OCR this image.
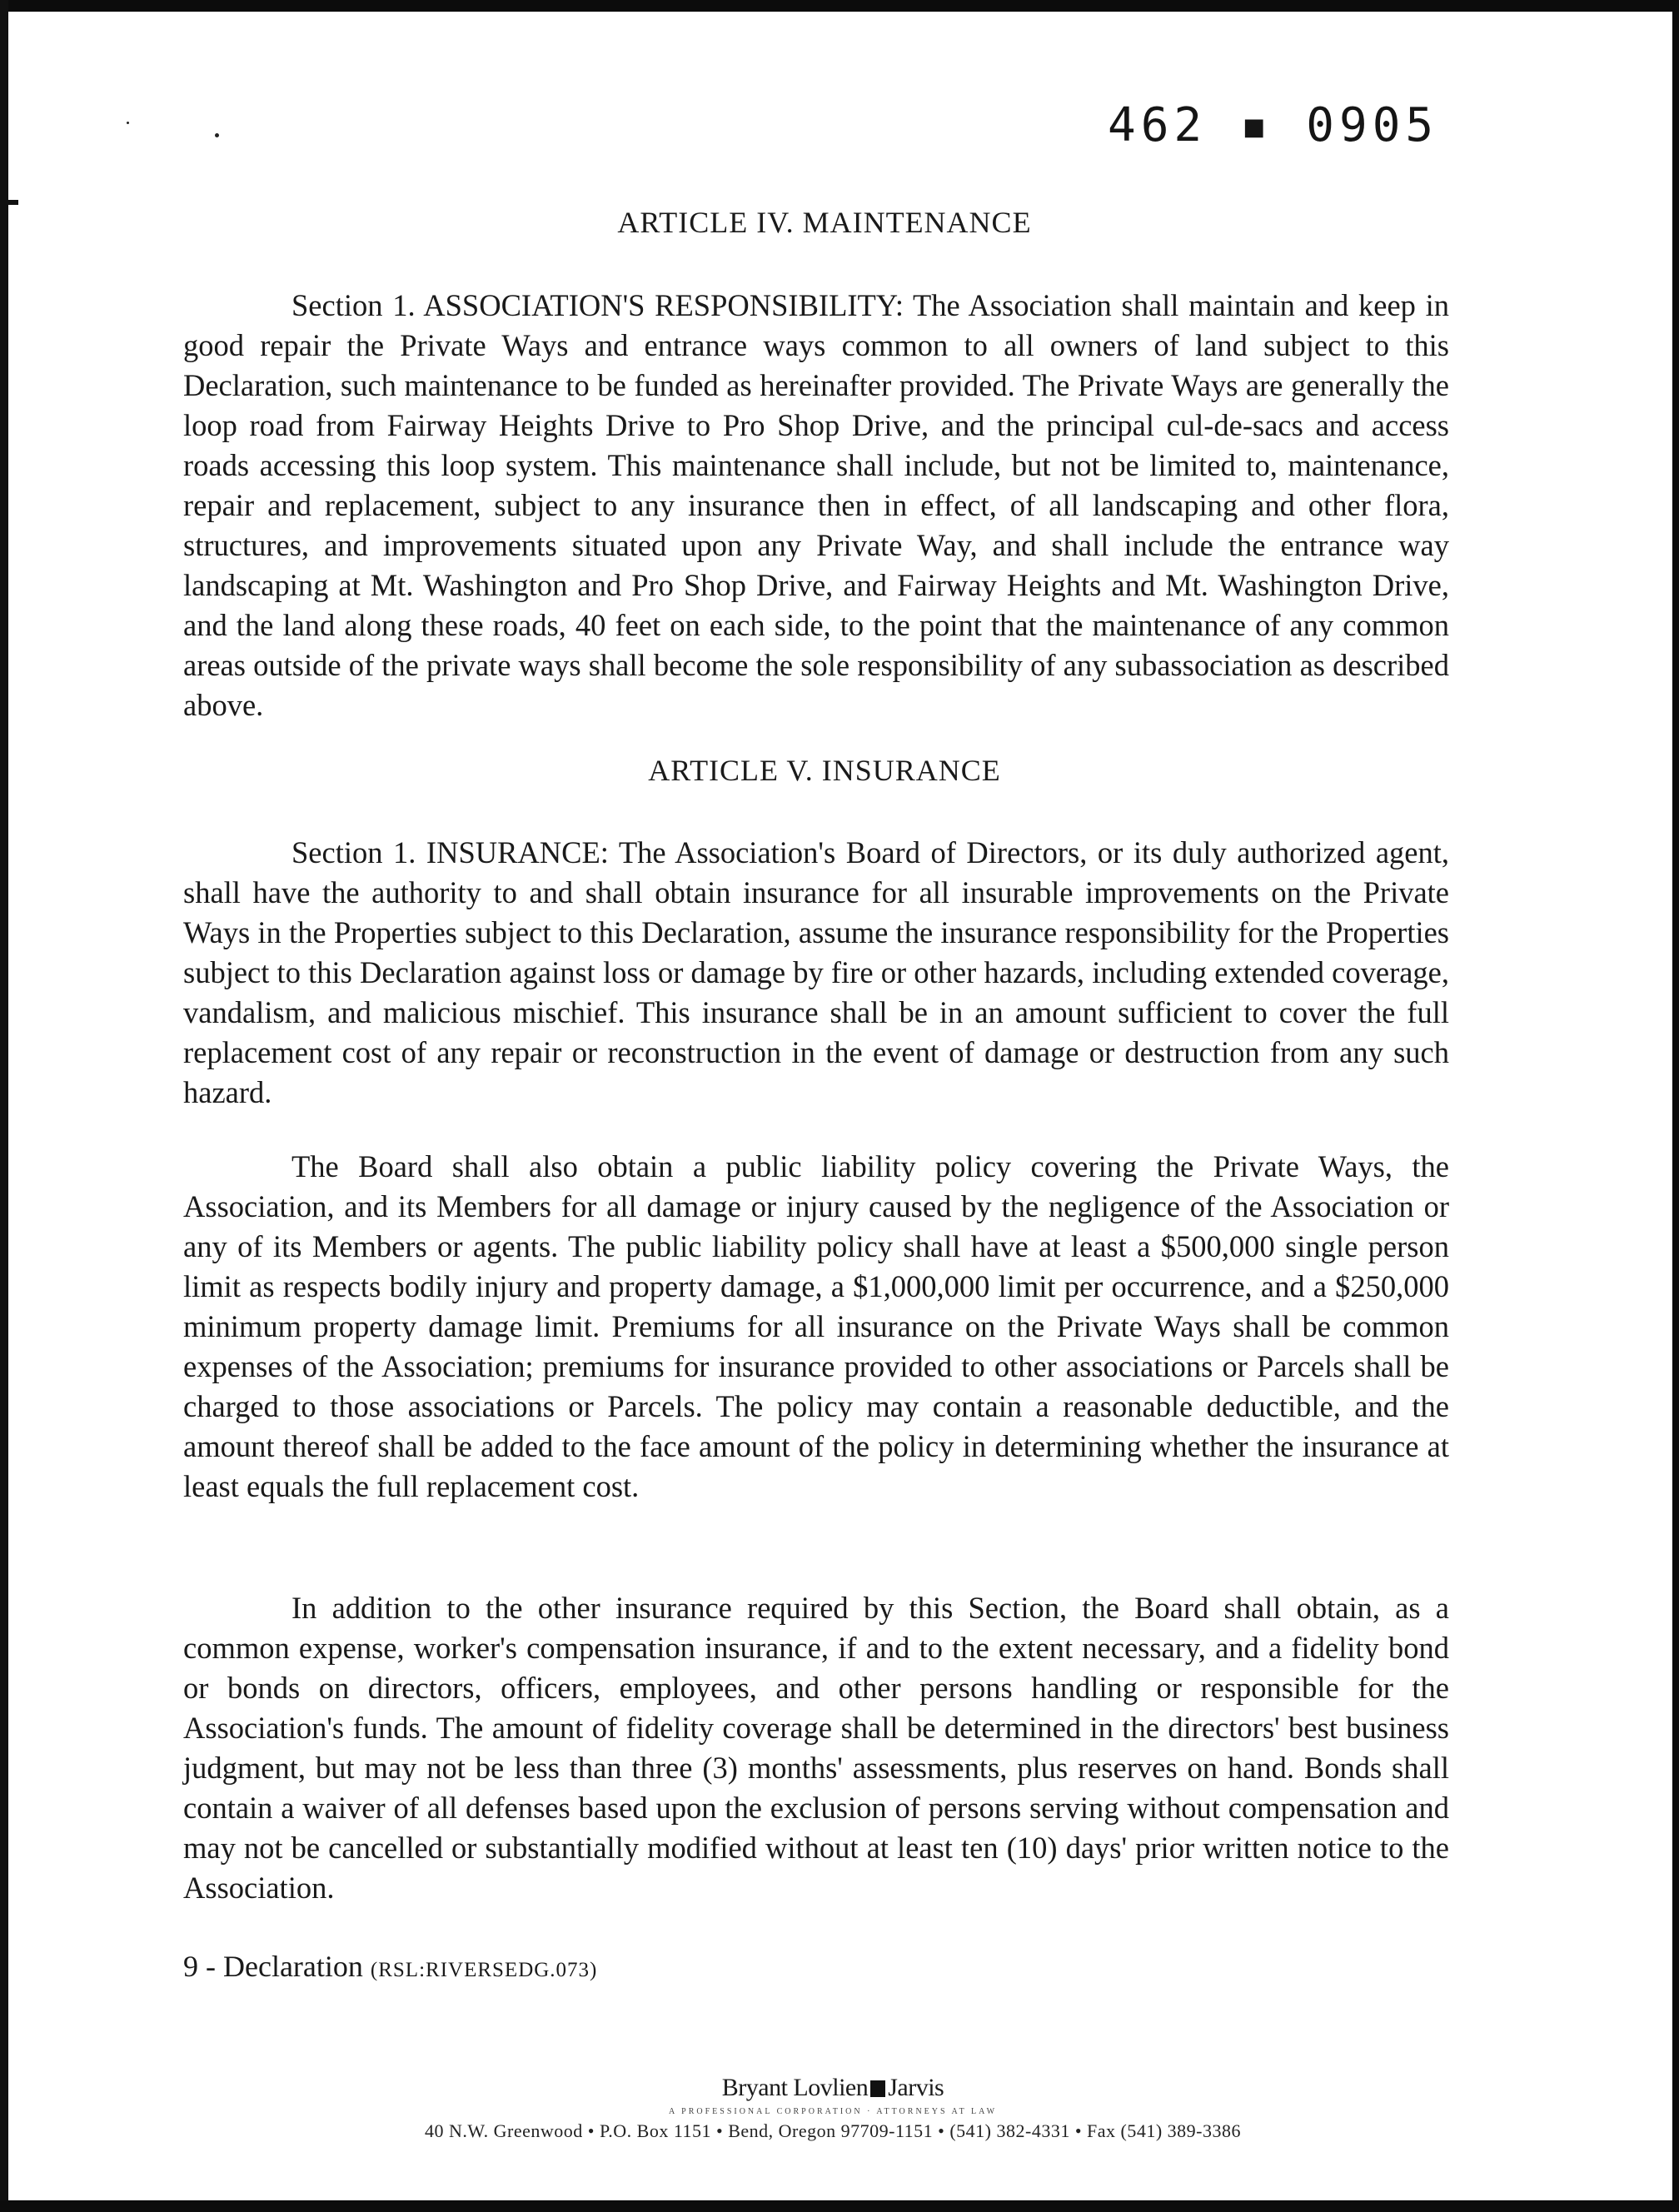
462 ▪ 0905
ARTICLE IV. MAINTENANCE
Section 1. ASSOCIATION'S RESPONSIBILITY: The Association shall maintain and keep in good repair the Private Ways and entrance ways common to all owners of land subject to this Declaration, such maintenance to be funded as hereinafter provided. The Private Ways are generally the loop road from Fairway Heights Drive to Pro Shop Drive, and the principal cul-de-sacs and access roads accessing this loop system. This maintenance shall include, but not be limited to, maintenance, repair and replacement, subject to any insurance then in effect, of all landscaping and other flora, structures, and improvements situated upon any Private Way, and shall include the entrance way landscaping at Mt. Washington and Pro Shop Drive, and Fairway Heights and Mt. Washington Drive, and the land along these roads, 40 feet on each side, to the point that the maintenance of any common areas outside of the private ways shall become the sole responsibility of any subassociation as described above.
ARTICLE V. INSURANCE
Section 1. INSURANCE: The Association's Board of Directors, or its duly authorized agent, shall have the authority to and shall obtain insurance for all insurable improvements on the Private Ways in the Properties subject to this Declaration, assume the insurance responsibility for the Properties subject to this Declaration against loss or damage by fire or other hazards, including extended coverage, vandalism, and malicious mischief. This insurance shall be in an amount sufficient to cover the full replacement cost of any repair or reconstruction in the event of damage or destruction from any such hazard.
The Board shall also obtain a public liability policy covering the Private Ways, the Association, and its Members for all damage or injury caused by the negligence of the Association or any of its Members or agents. The public liability policy shall have at least a $500,000 single person limit as respects bodily injury and property damage, a $1,000,000 limit per occurrence, and a $250,000 minimum property damage limit. Premiums for all insurance on the Private Ways shall be common expenses of the Association; premiums for insurance provided to other associations or Parcels shall be charged to those associations or Parcels. The policy may contain a reasonable deductible, and the amount thereof shall be added to the face amount of the policy in determining whether the insurance at least equals the full replacement cost.
In addition to the other insurance required by this Section, the Board shall obtain, as a common expense, worker's compensation insurance, if and to the extent necessary, and a fidelity bond or bonds on directors, officers, employees, and other persons handling or responsible for the Association's funds. The amount of fidelity coverage shall be determined in the directors' best business judgment, but may not be less than three (3) months' assessments, plus reserves on hand. Bonds shall contain a waiver of all defenses based upon the exclusion of persons serving without compensation and may not be cancelled or substantially modified without at least ten (10) days' prior written notice to the Association.
9 - Declaration (RSL:RIVERSEDG.073)
Bryant Lovlien Jarvis
A PROFESSIONAL CORPORATION · ATTORNEYS AT LAW
40 N.W. Greenwood • P.O. Box 1151 • Bend, Oregon 97709-1151 • (541) 382-4331 • Fax (541) 389-3386
